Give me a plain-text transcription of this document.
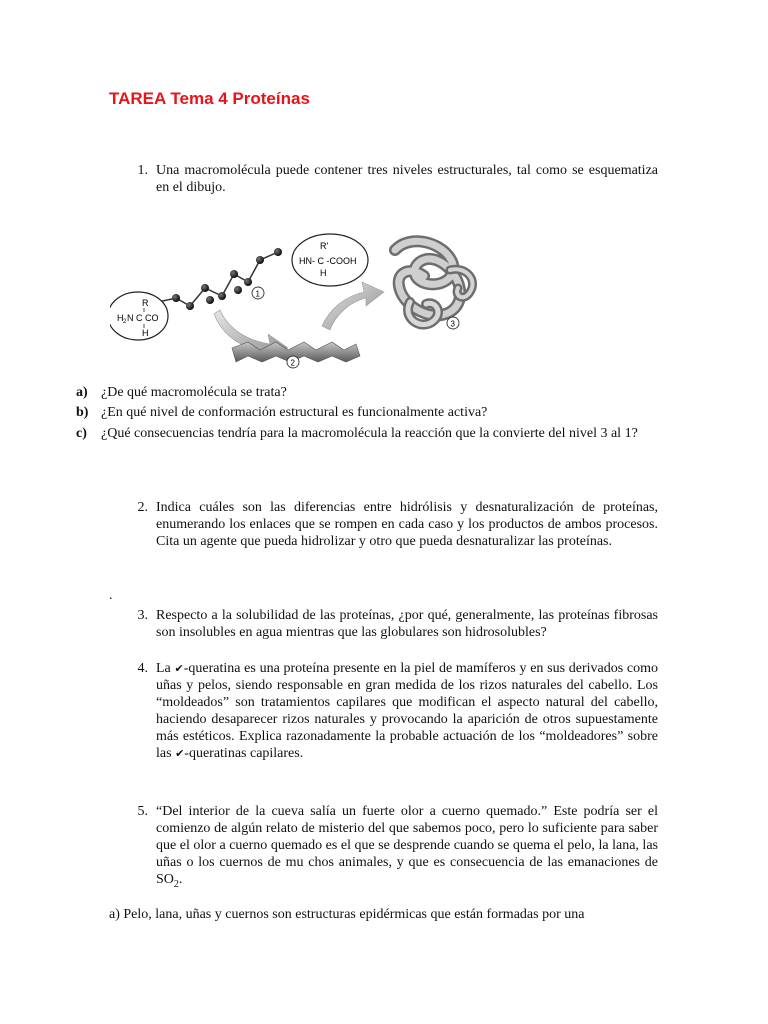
TAREA Tema 4 Proteínas
1. Una macromolécula puede contener tres niveles estructurales, tal como se esquematiza en el dibujo.

R
H 2 N C CO
H
R'
HN- C -COOH
H
1
2
3
a) ¿De qué macromolécula se trata?

b) ¿En qué nivel de conformación estructural es funcionalmente activa?

c) ¿Qué consecuencias tendría para la macromolécula la reacción que la convierte del nivel 3 al 1?

2. Indica cuáles son las diferencias entre hidrólisis y desnaturalización de proteínas, enumerando los enlaces que se rompen en cada caso y los productos de ambos procesos. Cita un agente que pueda hidrolizar y otro que pueda desnaturalizar las proteínas.

.
3. Respecto a la solubilidad de las proteínas, ¿por qué, generalmente, las proteínas fibrosas son insolubles en agua mientras que las globulares son hidrosolubles?

4. La ✔-queratina es una proteína presente en la piel de mamíferos y en sus derivados como uñas y pelos, siendo responsable en gran medida de los rizos naturales del cabello. Los “moldeados” son tratamientos capilares que modifican el aspecto natural del cabello, haciendo desaparecer rizos naturales y provocando la aparición de otros supuestamente más estéticos. Explica razonadamente la probable actuación de los “moldeadores” sobre las ✔-queratinas capilares.

5. “Del interior de la cueva salía un fuerte olor a cuerno quemado.” Este podría ser el comienzo de algún relato de misterio del que sabemos poco, pero lo suficiente para saber que el olor a cuerno quemado es el que se desprende cuando se quema el pelo, la lana, las uñas o los cuernos de mu chos animales, y que es consecuencia de las emanaciones de $SO_2$.

a) Pelo, lana, uñas y cuernos son estructuras epidérmicas que están formadas por una
